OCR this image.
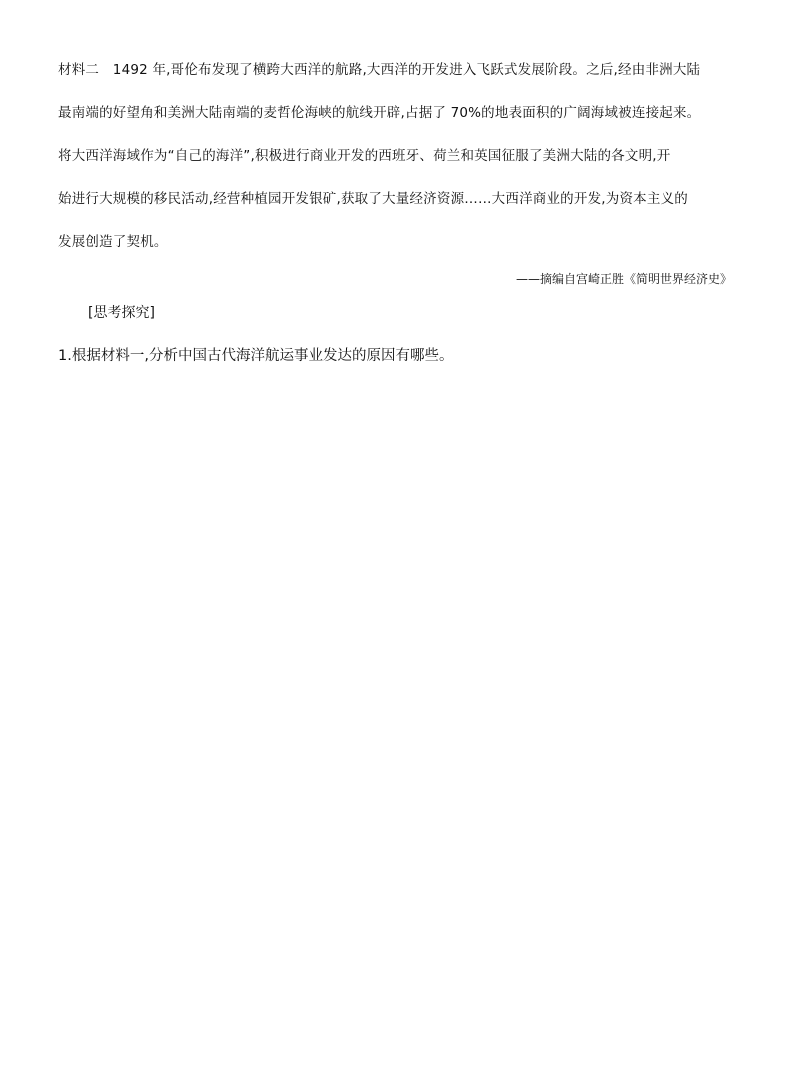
材料二　1492 年,哥伦布发现了横跨大西洋的航路,大西洋的开发进入飞跃式发展阶段。之后,经由非洲大陆
最南端的好望角和美洲大陆南端的麦哲伦海峡的航线开辟,占据了 70%的地表面积的广阔海域被连接起来。
将大西洋海域作为“自己的海洋”,积极进行商业开发的西班牙、荷兰和英国征服了美洲大陆的各文明,开
始进行大规模的移民活动,经营种植园开发银矿,获取了大量经济资源……大西洋商业的开发,为资本主义的
发展创造了契机。
——摘编自宫崎正胜《简明世界经济史》
[思考探究]
1.根据材料一,分析中国古代海洋航运事业发达的原因有哪些。
